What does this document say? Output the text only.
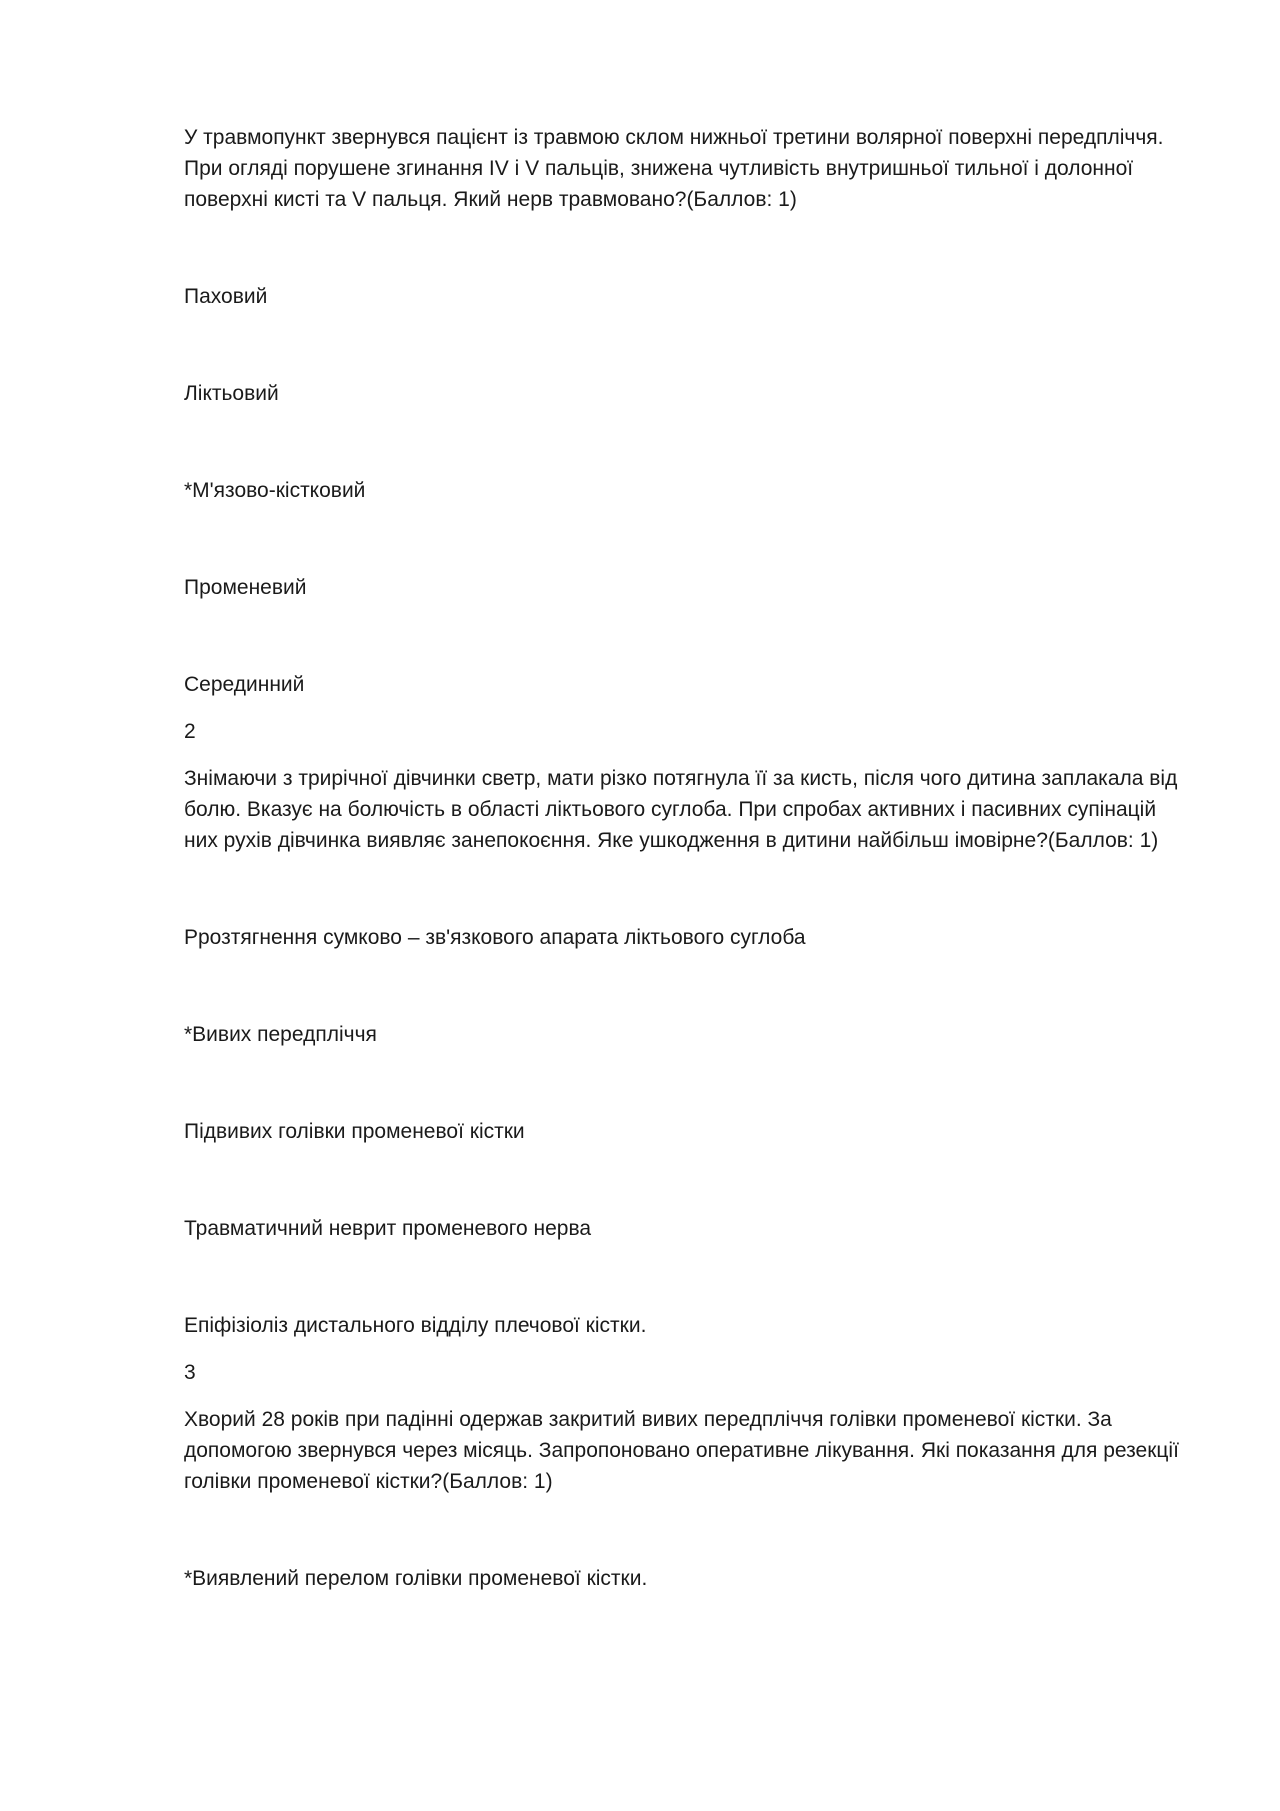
У травмопункт звернувся пацієнт із травмою склом нижньої третини волярної поверхні передпліччя. При огляді порушене згинання IV і V пальців, знижена чутливість внутришньої тильної і долонної поверхні кисті та V пальця. Який нерв травмовано?(Баллов: 1)

Паховий

Ліктьовий

*М'язово-кістковий

Променевий

Серединний

2

Знімаючи з трирічної дівчинки светр, мати різко потягнула її за кисть, після чого дитина заплакала від болю. Вказує на болючість в області ліктьового суглоба. При спробах активних і пасивних супінацій них рухів дівчинка виявляє занепокоєння. Яке ушкодження в дитини найбільш імовірне?(Баллов: 1)

Ррозтягнення сумково – зв'язкового апарата ліктьового суглоба

*Вивих передпліччя

Підвивих голівки променевої кістки

Травматичний неврит променевого нерва

Епіфізіоліз дистального відділу плечової кістки.

3

Хворий 28 років при падінні одержав закритий вивих передпліччя голівки променевої кістки. За допомогою звернувся через місяць. Запропоновано оперативне лікування. Які показання для резекції голівки променевої кістки?(Баллов: 1)

*Виявлений перелом голівки променевої кістки.
